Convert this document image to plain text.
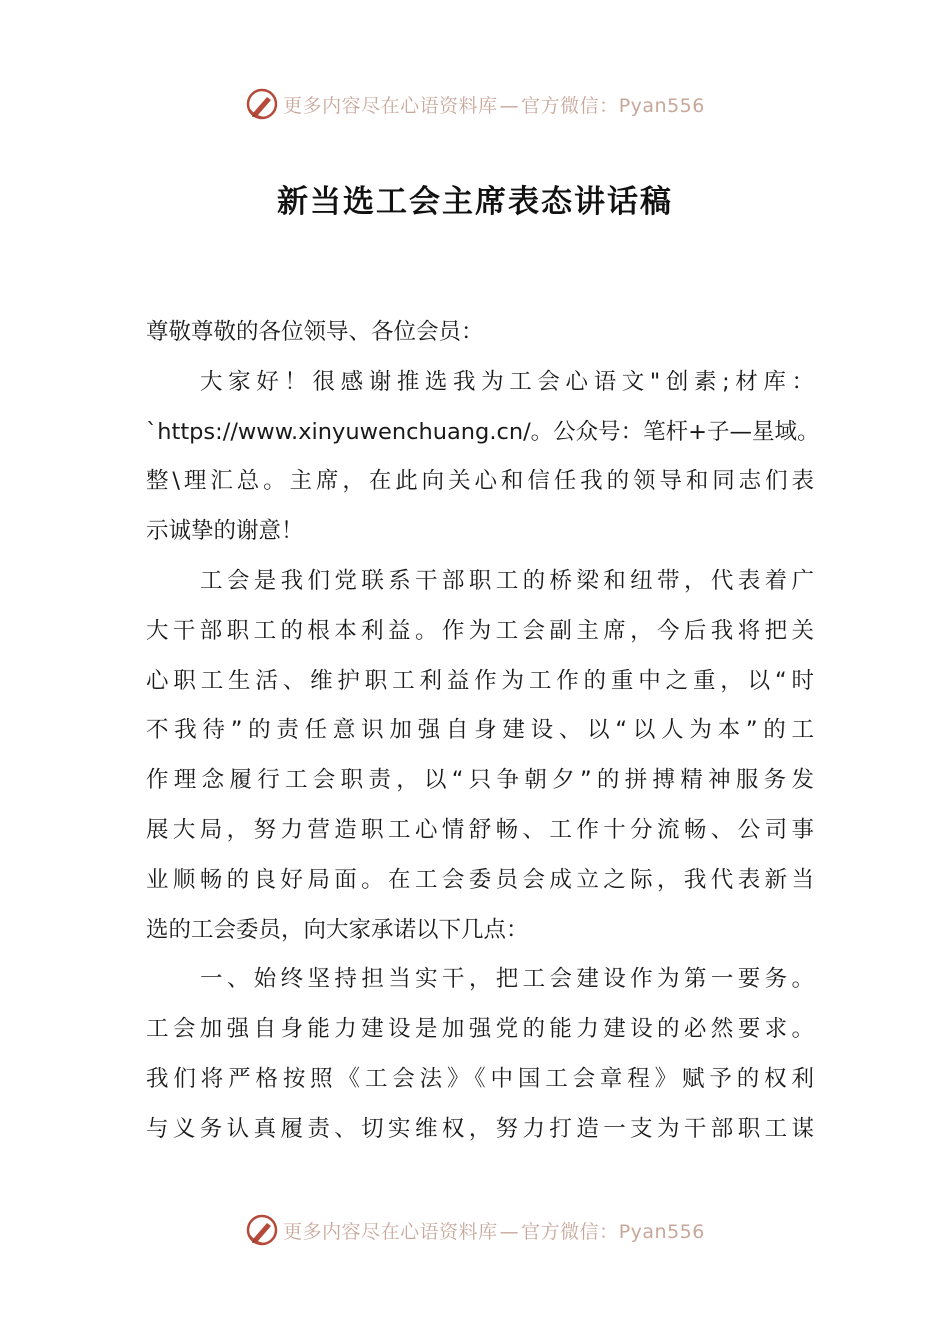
更多内容尽在心语资料库 — 官方微信：Pyan556
新当选工会主席表态讲话稿
尊敬尊敬的各位领导、各位会员：
大家好！很感谢推选我为工会心语文"创素;材库：
`https://www.xinyuwenchuang.cn/。公众号：笔杆+子—星域。
整\理汇总。主席，在此向关心和信任我的领导和同志们表
示诚挚的谢意！
工会是我们党联系干部职工的桥梁和纽带，代表着广
大干部职工的根本利益。作为工会副主席，今后我将把关
心职工生活、维护职工利益作为工作的重中之重，以“时
不我待”的责任意识加强自身建设、以“以人为本”的工
作理念履行工会职责，以“只争朝夕”的拼搏精神服务发
展大局，努力营造职工心情舒畅、工作十分流畅、公司事
业顺畅的良好局面。在工会委员会成立之际，我代表新当
选的工会委员，向大家承诺以下几点：
一、始终坚持担当实干，把工会建设作为第一要务。
工会加强自身能力建设是加强党的能力建设的必然要求。
我们将严格按照《工会法》《中国工会章程》赋予的权利
与义务认真履责、切实维权，努力打造一支为干部职工谋
更多内容尽在心语资料库 — 官方微信：Pyan556
